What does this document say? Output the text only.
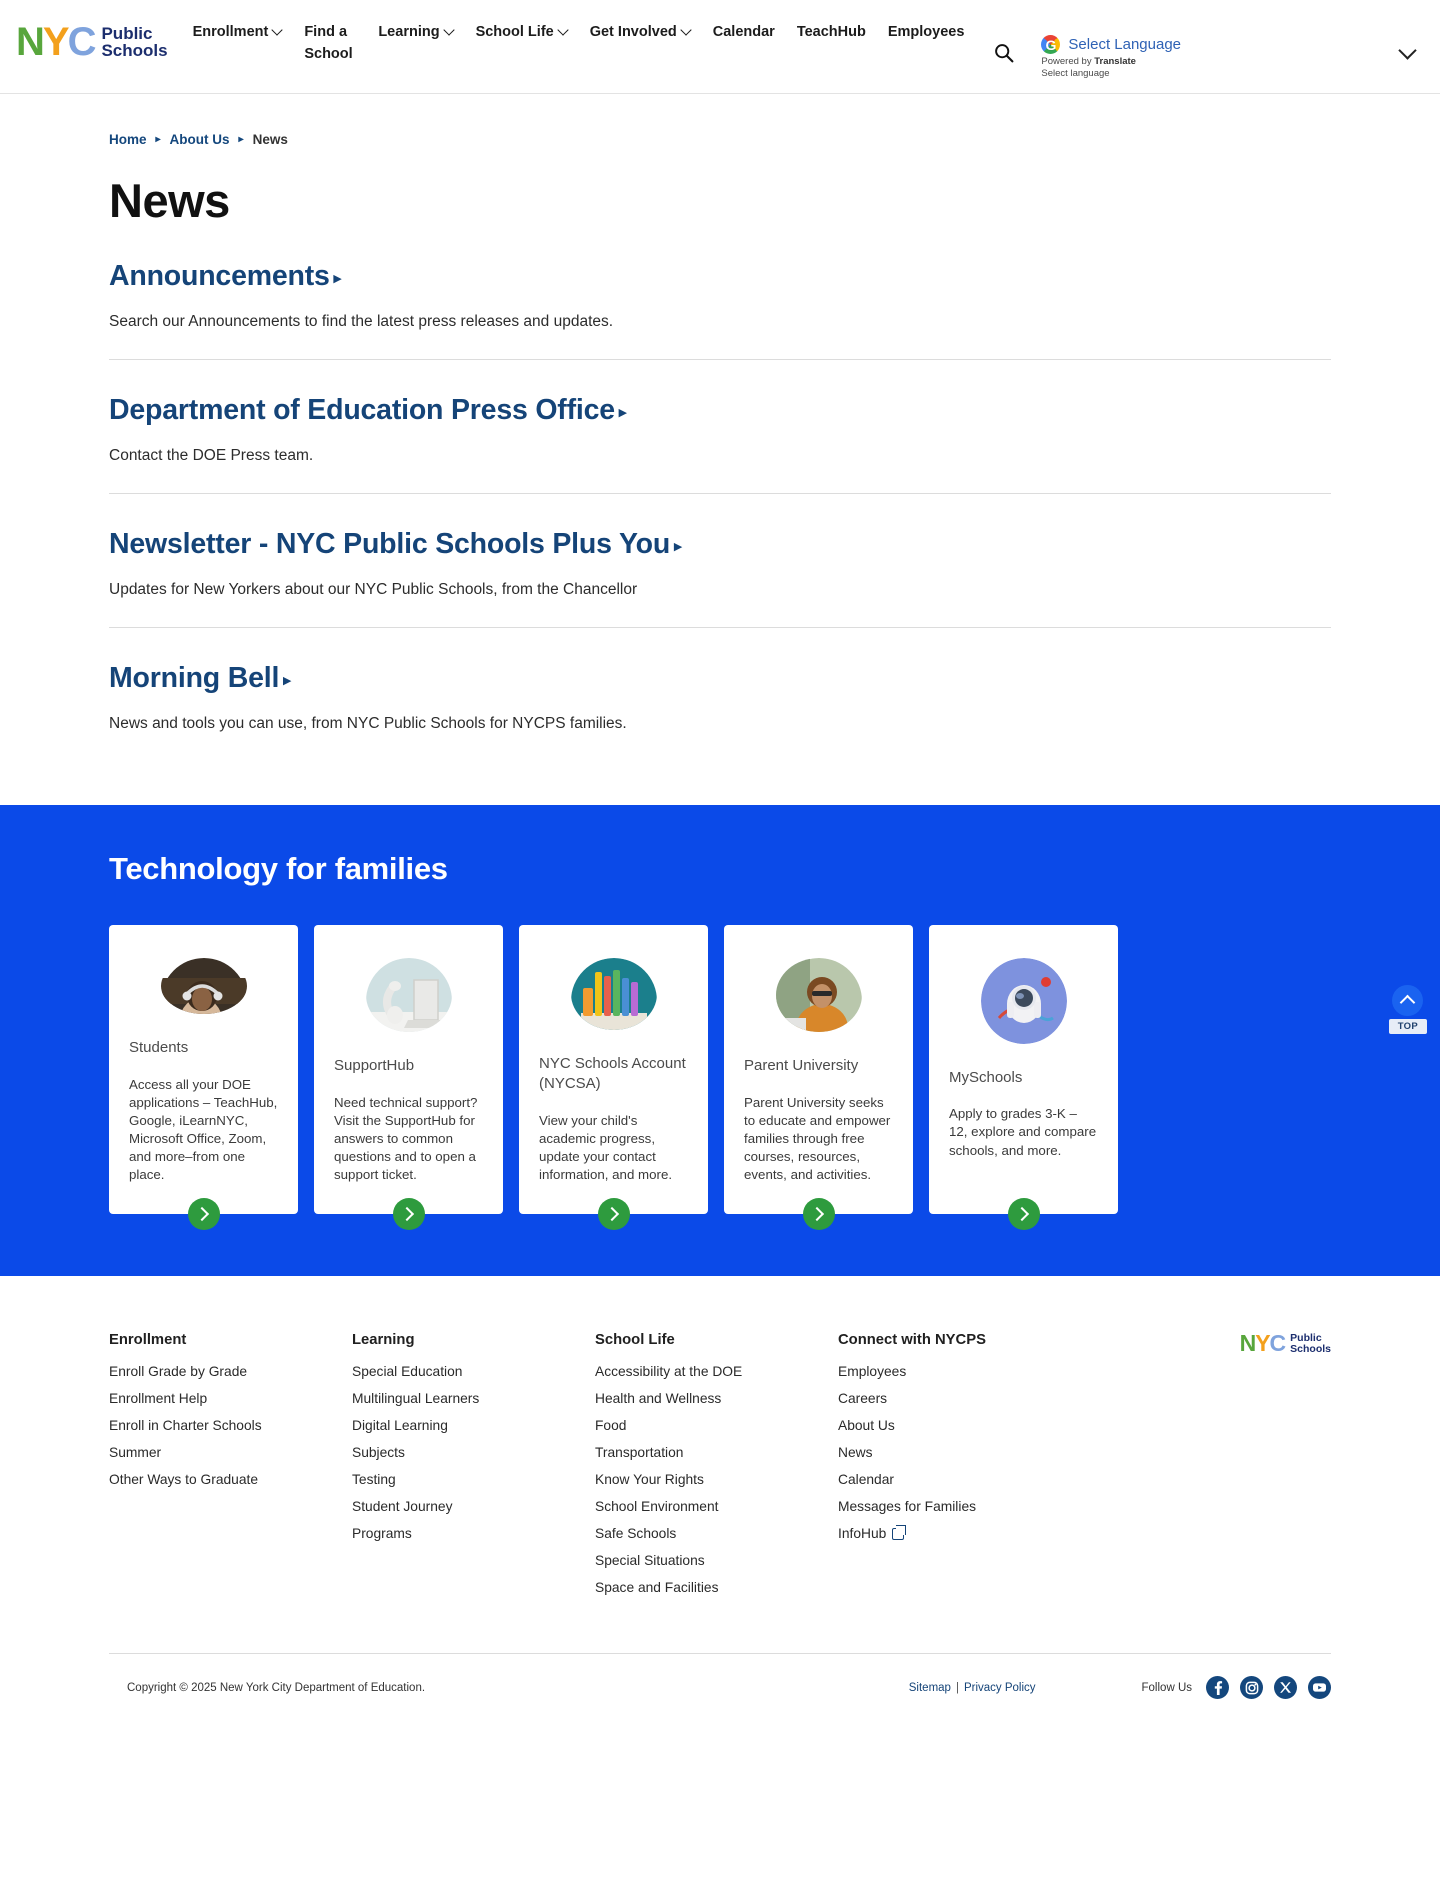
N Y C Public
Schools
Enrollment Find a School
Learning School Life Get Involved Calendar TeachHub Employees
G
Select Language
Powered by Translate
Select language
Home ▸ About Us ▸ News
News
Announcements ▸
Search our Announcements to find the latest press releases and updates.
Department of Education Press Office ▸
Contact the DOE Press team.
Newsletter - NYC Public Schools Plus You ▸
Updates for New Yorkers about our NYC Public Schools, from the Chancellor
Morning Bell ▸
News and tools you can use, from NYC Public Schools for NYCPS families.
Technology for families
Students
Access all your DOE applications – TeachHub, Google, iLearnNYC, Microsoft Office, Zoom, and more–from one place.
SupportHub
Need technical support? Visit the SupportHub for answers to common questions and to open a support ticket.
NYC Schools Account (NYCSA)
View your child's academic progress, update your contact information, and more.
Parent University
Parent University seeks to educate and empower families through free courses, resources, events, and activities.
MySchools
Apply to grades 3-K – 12, explore and compare schools, and more.
TOP
N Y C Public
Schools
Enrollment
Enroll Grade by Grade
Enrollment Help
Enroll in Charter Schools
Summer
Other Ways to Graduate
Learning
Special Education
Multilingual Learners
Digital Learning
Subjects
Testing
Student Journey
Programs
School Life
Accessibility at the DOE
Health and Wellness
Food
Transportation
Know Your Rights
School Environment
Safe Schools
Special Situations
Space and Facilities
Connect with NYCPS
Employees
Careers
About Us
News
Calendar
Messages for Families
InfoHub
Copyright © 2025 New York City Department of Education.	Sitemap | Privacy Policy	Follow Us
